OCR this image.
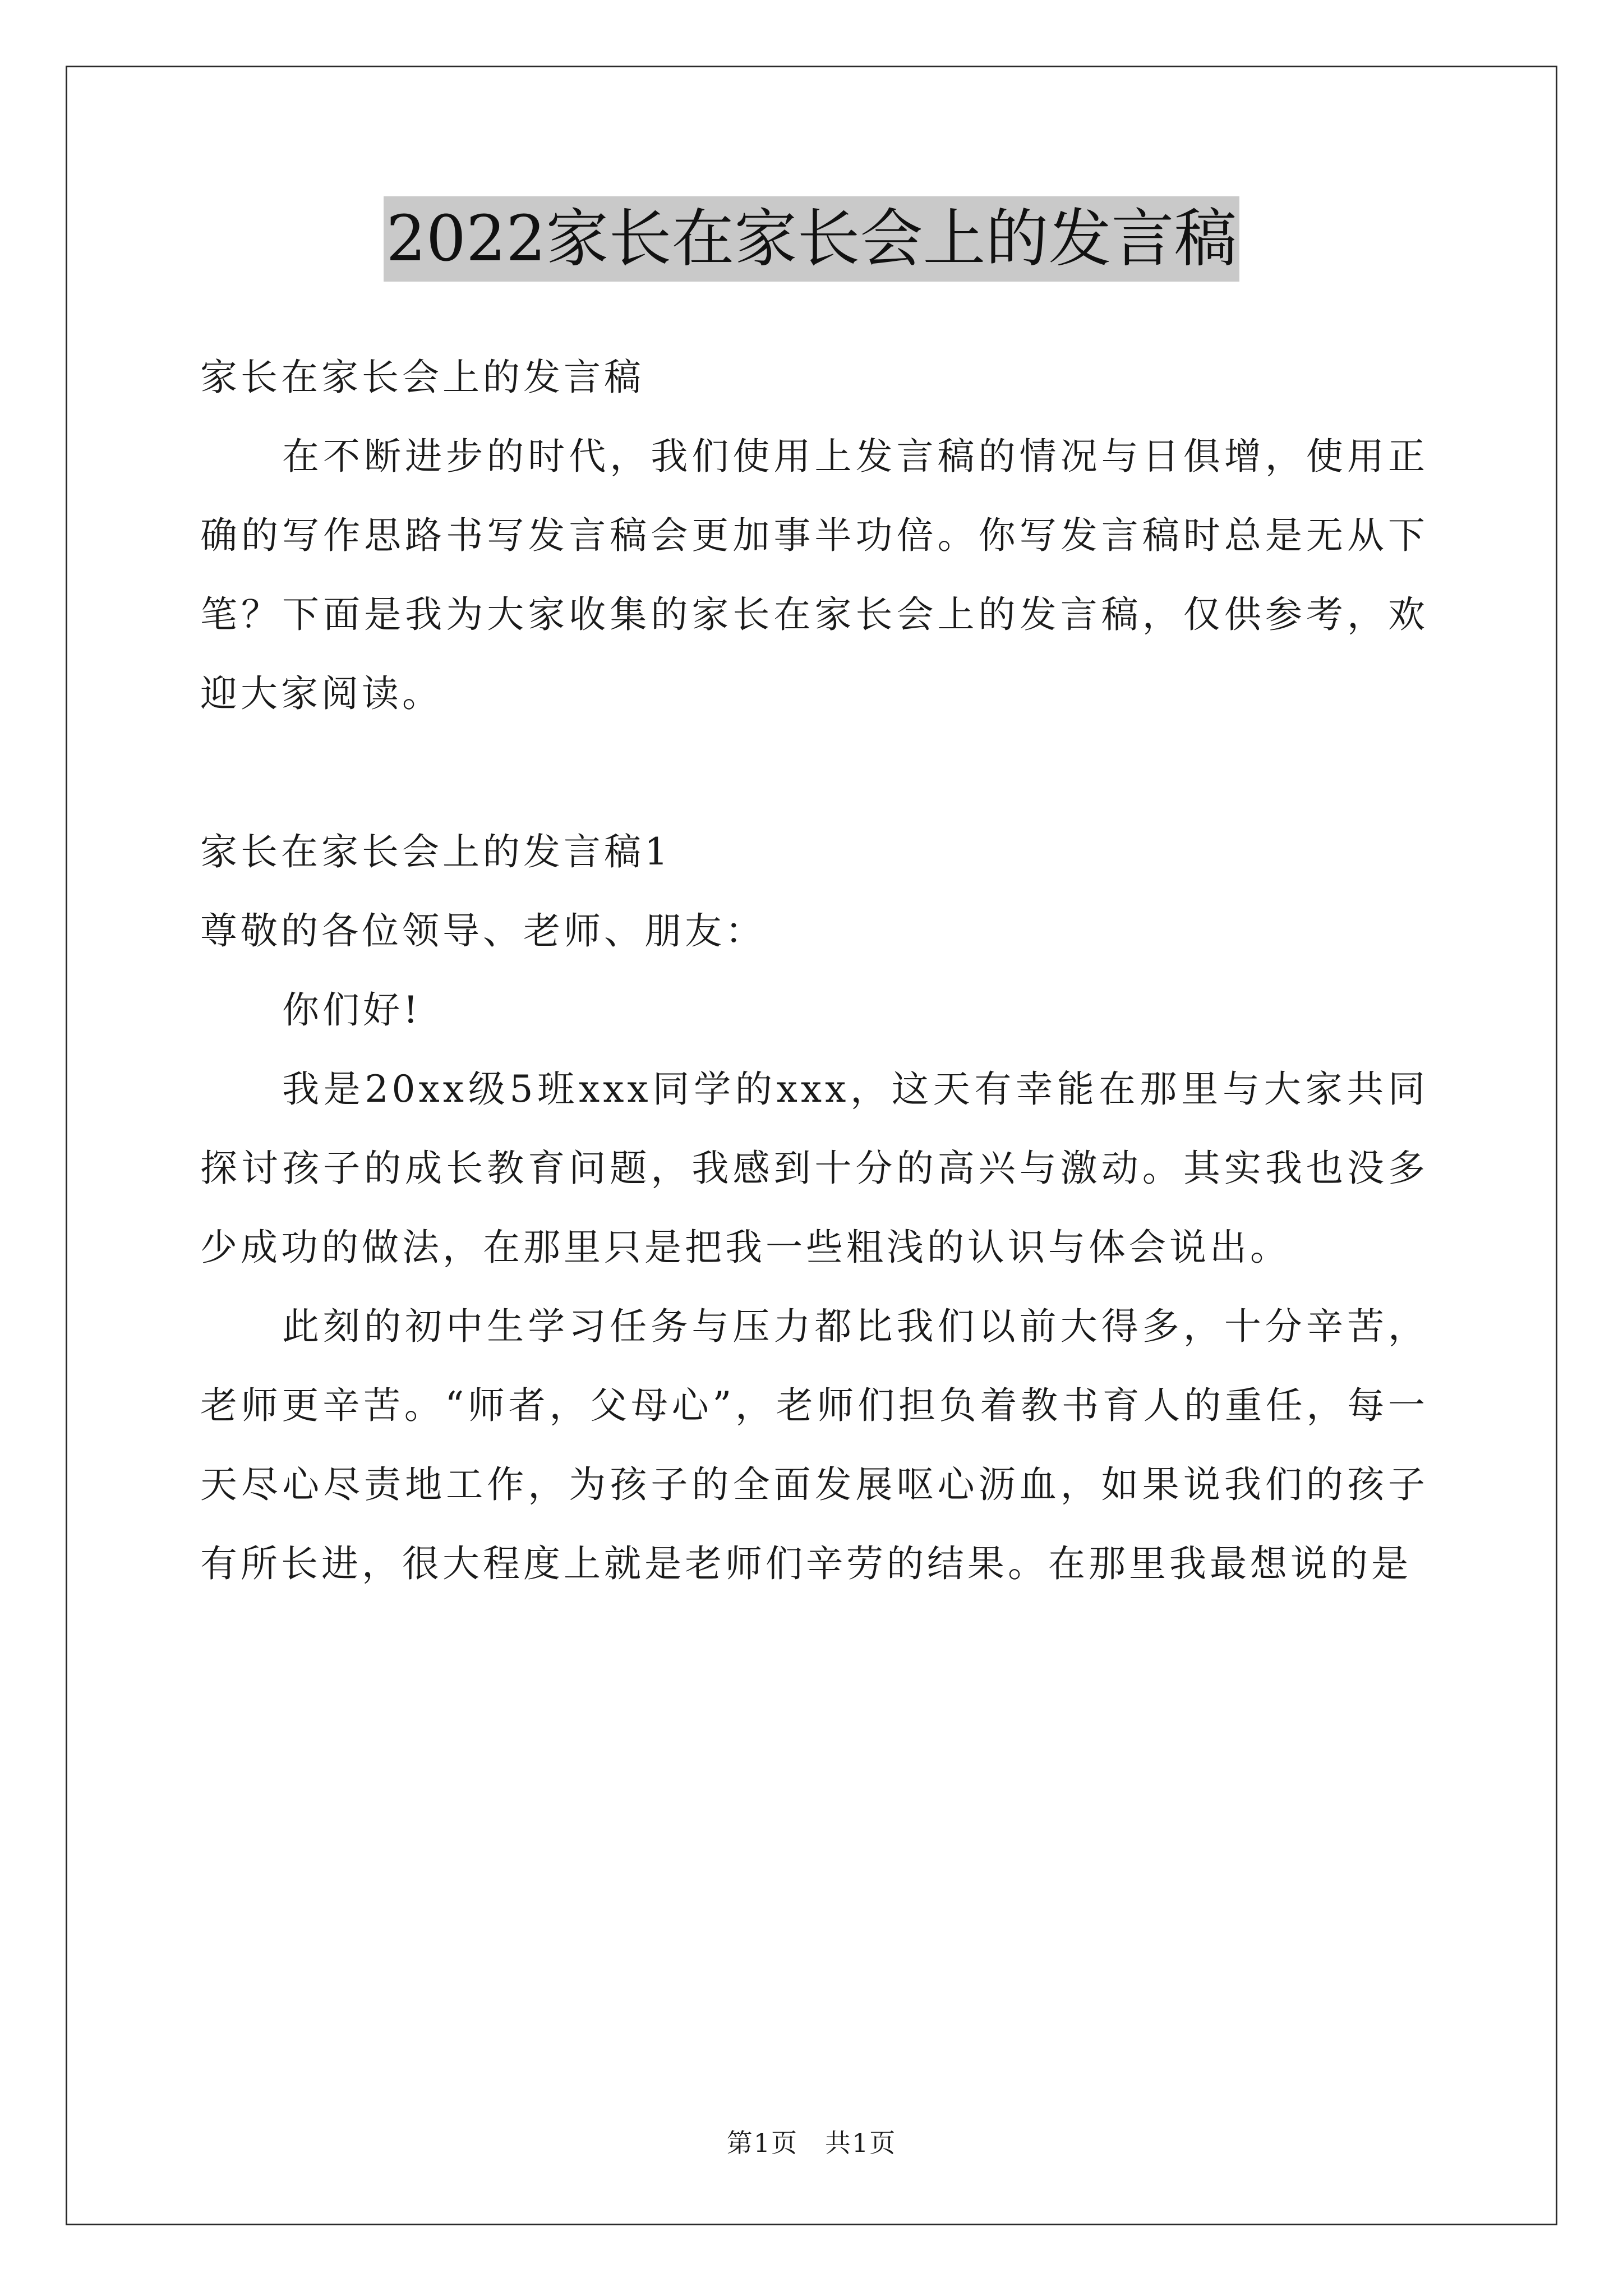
2022家长在家长会上的发言稿

家长在家长会上的发言稿

在不断进步的时代，我们使用上发言稿的情况与日俱增，使用正确的写作思路书写发言稿会更加事半功倍。你写发言稿时总是无从下笔？下面是我为大家收集的家长在家长会上的发言稿，仅供参考，欢迎大家阅读。

家长在家长会上的发言稿1

尊敬的各位领导、老师、朋友：

你们好!

我是20xx级5班xxx同学的xxx，这天有幸能在那里与大家共同探讨孩子的成长教育问题，我感到十分的高兴与激动。其实我也没多少成功的做法，在那里只是把我一些粗浅的认识与体会说出。

此刻的初中生学习任务与压力都比我们以前大得多，十分辛苦，老师更辛苦。“师者，父母心”，老师们担负着教书育人的重任，每一天尽心尽责地工作，为孩子的全面发展呕心沥血，如果说我们的孩子有所长进，很大程度上就是老师们辛劳的结果。在那里我最想说的是

第1页　共1页
